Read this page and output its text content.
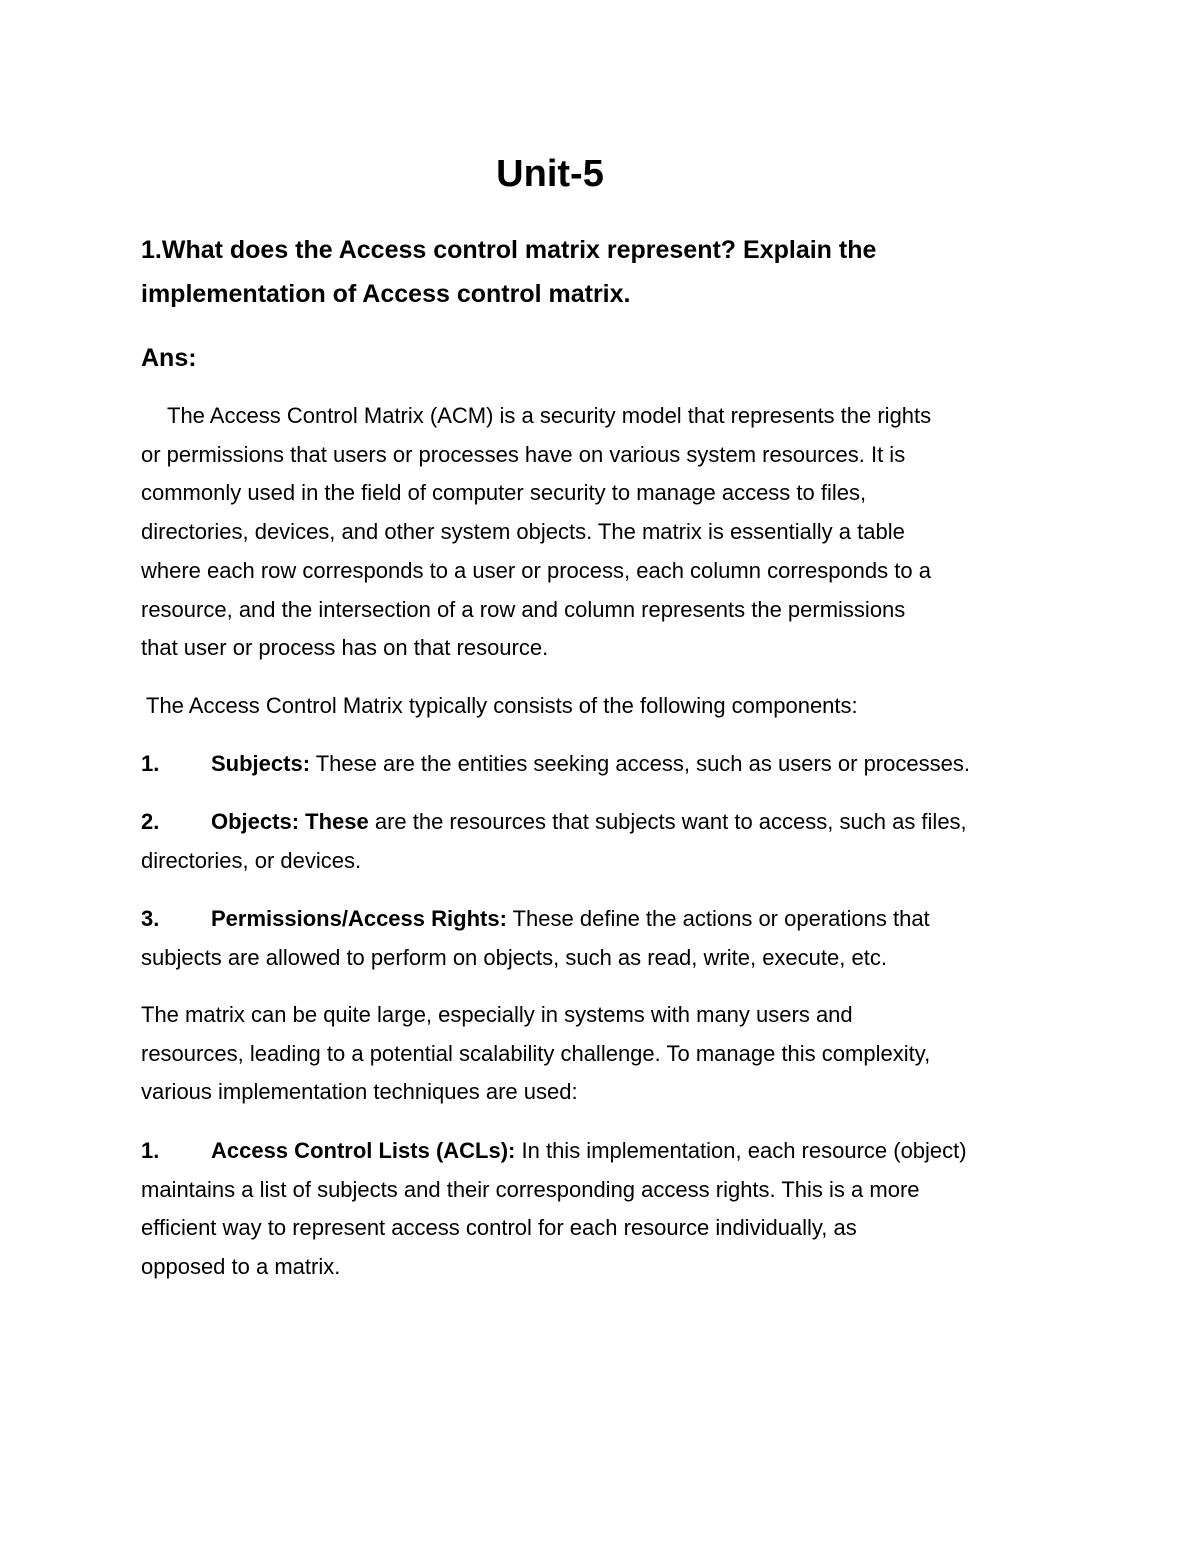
Unit-5
1.What does the Access control matrix represent? Explain the
implementation of Access control matrix.
Ans:
The Access Control Matrix (ACM) is a security model that represents the rights
or permissions that users or processes have on various system resources. It is
commonly used in the field of computer security to manage access to files,
directories, devices, and other system objects. The matrix is essentially a table
where each row corresponds to a user or process, each column corresponds to a
resource, and the intersection of a row and column represents the permissions
that user or process has on that resource.
The Access Control Matrix typically consists of the following components:
1. Subjects: These are the entities seeking access, such as users or processes.
2. Objects: These are the resources that subjects want to access, such as files,
directories, or devices.
3. Permissions/Access Rights: These define the actions or operations that
subjects are allowed to perform on objects, such as read, write, execute, etc.
The matrix can be quite large, especially in systems with many users and
resources, leading to a potential scalability challenge. To manage this complexity,
various implementation techniques are used:
1. Access Control Lists (ACLs): In this implementation, each resource (object)
maintains a list of subjects and their corresponding access rights. This is a more
efficient way to represent access control for each resource individually, as
opposed to a matrix.
